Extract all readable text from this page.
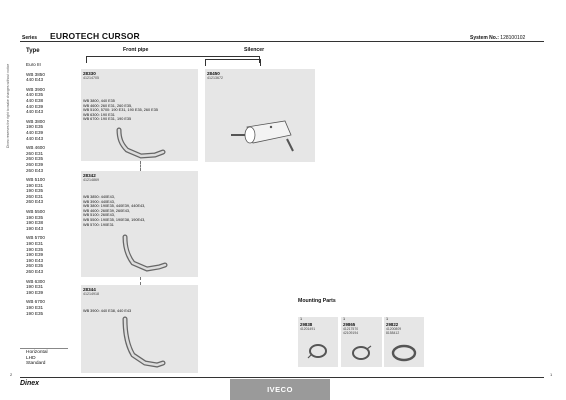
Series EUROTECH CURSOR	System No.: 128100102
Dinex reserves the right to make changes without notice
Type
Euro III
WB 3850
440 E43
WB 3900
440 E35
440 E38
440 E39
440 E43
WB 3800
190 E35
440 E39
440 E43
WB 4600
260 E31
260 E35
260 E39
260 E43
WB 5100
190 E31
190 E35
260 E31
260 E43
WB 5500
190 E35
190 E38
190 E43
WB 5700
190 E31
190 E35
190 E39
190 E43
260 E35
260 E43
WB 6300
190 E31
190 E39
WB 6700
190 E31
190 E35
Horizontal
LHD
Standard
Front pipe	Silencer
28330
41214705
WB 3800, 440 E35
WB 4600: 260 E31, 260 E35,
WB 5100, 5700: 190 E31, 190 E35, 260 E35
WB 6300: 190 E31
WB 6700: 190 E31, 190 E35
28450
41213672
28342
41214869
WB 3850: 440E43,
WB 3900: 440E43,
WB 3800: 190E35, 440E39, 440E43,
WB 4600: 260E39, 260E43,
WB 5100: 260E43,
WB 5500: 190E35, 190E38, 190E43,
WB 5700: 190E31
28344
41214918
WB 3900: 440 E38, 440 E43
Mounting Parts
1
29838
41201491
1
29865
41217570
42109194
1
29822
41200809
8158412
Dinex
2	1
IVECO
